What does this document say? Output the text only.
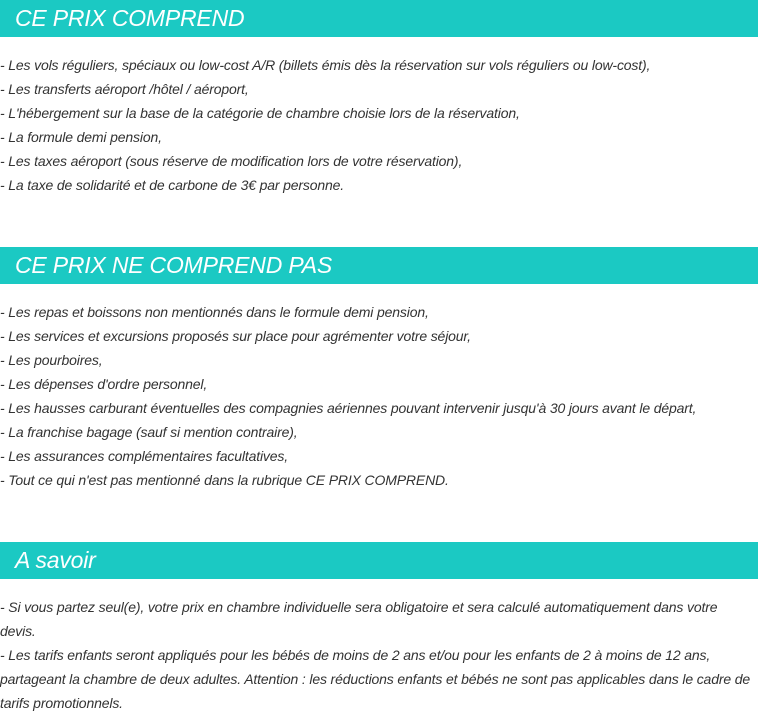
CE PRIX COMPREND
- Les vols réguliers, spéciaux ou low-cost A/R (billets émis dès la réservation sur vols réguliers ou low-cost),
- Les transferts aéroport /hôtel / aéroport,
- L'hébergement sur la base de la catégorie de chambre choisie lors de la réservation,
- La formule demi pension,
- Les taxes aéroport (sous réserve de modification lors de votre réservation),
- La taxe de solidarité et de carbone de 3€ par personne.
CE PRIX NE COMPREND PAS
- Les repas et boissons non mentionnés dans le formule demi pension,
- Les services et excursions proposés sur place pour agrémenter votre séjour,
- Les pourboires,
- Les dépenses d'ordre personnel,
- Les hausses carburant éventuelles des compagnies aériennes pouvant intervenir jusqu'à 30 jours avant le départ,
- La franchise bagage (sauf si mention contraire),
- Les assurances complémentaires facultatives,
- Tout ce qui n'est pas mentionné dans la rubrique CE PRIX COMPREND.
A savoir

- Si vous partez seul(e), votre prix en chambre individuelle sera obligatoire et sera calculé automatiquement dans votre devis.

- Les tarifs enfants seront appliqués pour les bébés de moins de 2 ans et/ou pour les enfants de 2 à moins de 12 ans, partageant la chambre de deux adultes. Attention : les réductions enfants et bébés ne sont pas applicables dans le cadre de tarifs promotionnels.
